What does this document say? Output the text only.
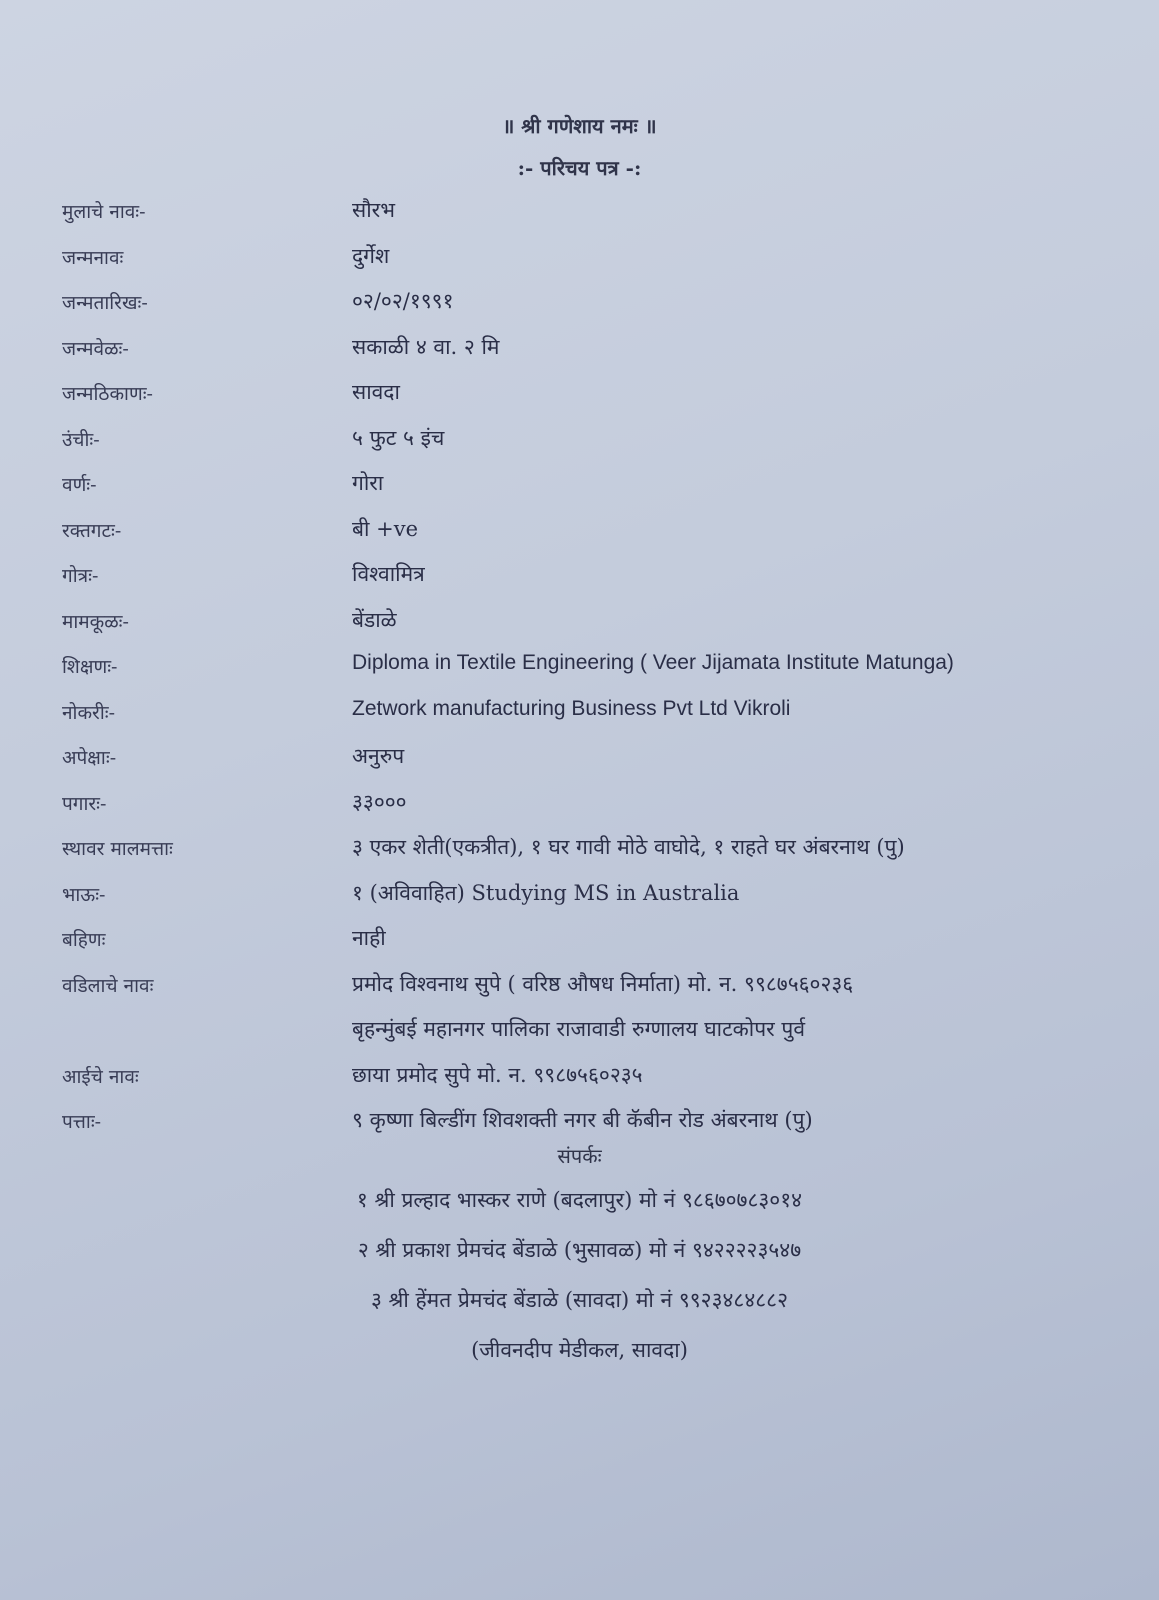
॥ श्री गणेशाय नमः ॥
:- परिचय पत्र -:
मुलाचे नावः-	सौरभ
जन्मनावः	दुर्गेश
जन्मतारिखः-	०२/०२/१९९१
जन्मवेळः-	सकाळी ४ वा. २ मि
जन्मठिकाणः-	सावदा
उंचीः-	५ फुट ५ इंच
वर्णः-	गोरा
रक्तगटः-	बी +ve
गोत्रः-	विश्वामित्र
मामकूळः-	बेंडाळे
शिक्षणः-	Diploma in Textile Engineering ( Veer Jijamata Institute Matunga)
नोकरीः-	Zetwork manufacturing Business Pvt Ltd Vikroli
अपेक्षाः-	अनुरुप
पगारः-	३३०००
स्थावर मालमत्ताः	३ एकर शेती(एकत्रीत), १ घर गावी मोठे वाघोदे, १ राहते घर अंबरनाथ (पु)
भाऊः-	१ (अविवाहित) Studying MS in Australia
बहिणः	नाही
वडिलाचे नावः	प्रमोद विश्वनाथ सुपे ( वरिष्ठ औषध निर्माता) मो. न. ९९८७५६०२३६
बृहन्मुंबई महानगर पालिका राजावाडी रुग्णालय घाटकोपर पुर्व
आईचे नावः	छाया प्रमोद सुपे मो. न. ९९८७५६०२३५
पत्ताः-	९ कृष्णा बिल्डींग शिवशक्ती नगर बी कॅबीन रोड अंबरनाथ (पु)
संपर्कः
१ श्री प्रल्हाद भास्कर राणे (बदलापुर) मो नं ९८६७०७८३०१४
२ श्री प्रकाश प्रेमचंद बेंडाळे (भुसावळ) मो नं ९४२२२२३५४७
३ श्री हेंमत प्रेमचंद बेंडाळे (सावदा) मो नं ९९२३४८४८८२
(जीवनदीप मेडीकल, सावदा)
